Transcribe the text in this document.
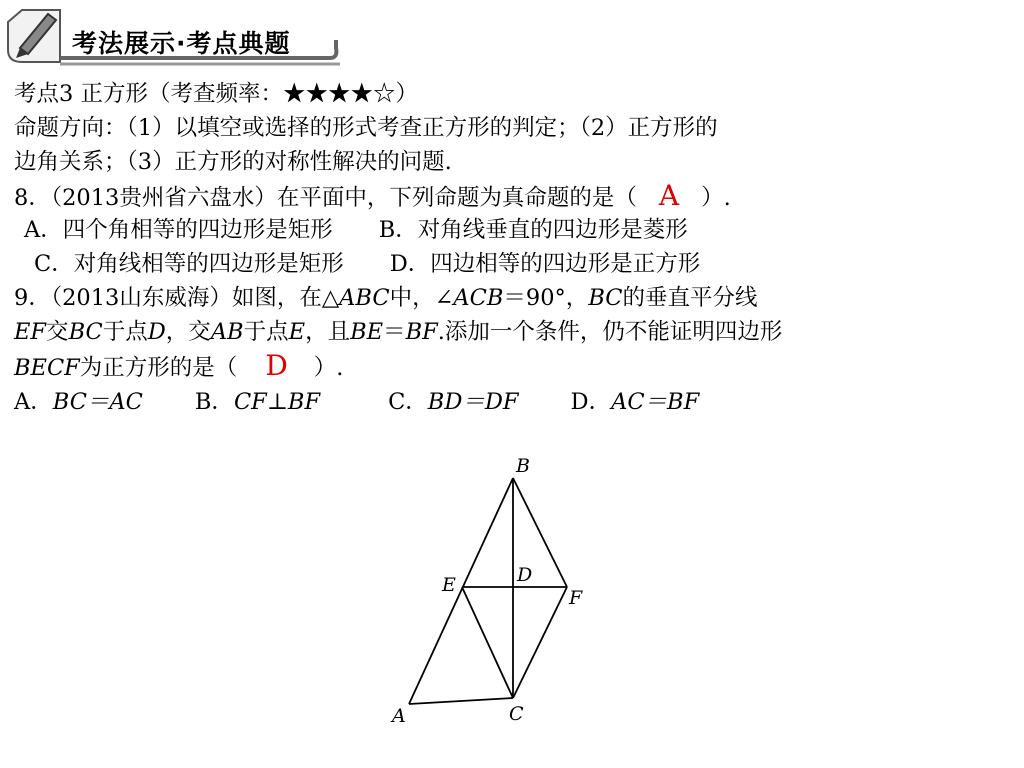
考法展示·考点典题
考点3 正方形（考查频率：★★★★☆）
命题方向：（1）以填空或选择的形式考查正方形的判定；（2）正方形的
边角关系；（3）正方形的对称性解决的问题.
8．（2013贵州省六盘水）在平面中，下列命题为真命题的是（ A ）.
A．四个角相等的四边形是矩形 B．对角线垂直的四边形是菱形
C．对角线相等的四边形是矩形 D．四边相等的四边形是正方形
9．（2013山东威海）如图，在△ABC中，∠ACB＝90°，BC的垂直平分线
EF交BC于点D，交AB于点E，且BE＝BF.添加一个条件，仍不能证明四边形
BECF为正方形的是（ D ）.
A．BC＝AC B．CF⊥BF	C．BD＝DF D．AC＝BF
B
E	D
F
A	C
